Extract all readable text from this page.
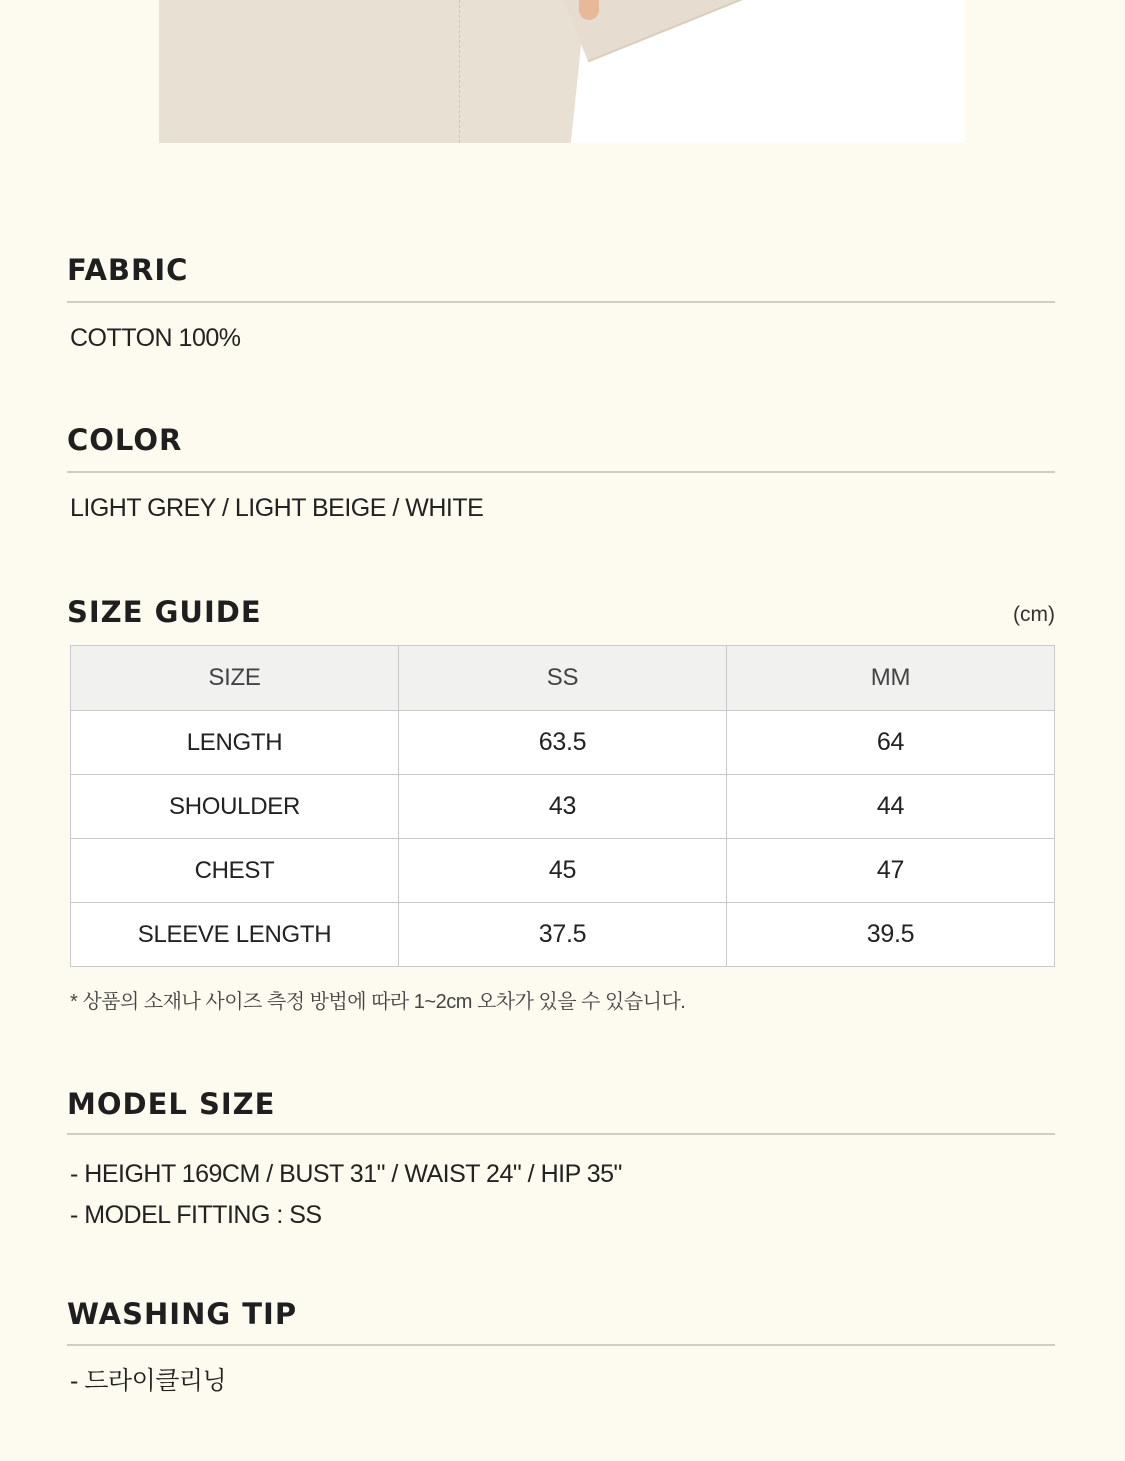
FABRIC
COTTON 100%
COLOR
LIGHT GREY / LIGHT BEIGE / WHITE
SIZE GUIDE	(cm)
SIZE	SS	MM
LENGTH	63.5	64
SHOULDER	43	44
CHEST	45	47
SLEEVE LENGTH	37.5	39.5
* 상품의 소재나 사이즈 측정 방법에 따라 1~2cm 오차가 있을 수 있습니다.
MODEL SIZE
- HEIGHT 169CM / BUST 31" / WAIST 24" / HIP 35"
- MODEL FITTING : SS
WASHING TIP
- 드라이클리닝
